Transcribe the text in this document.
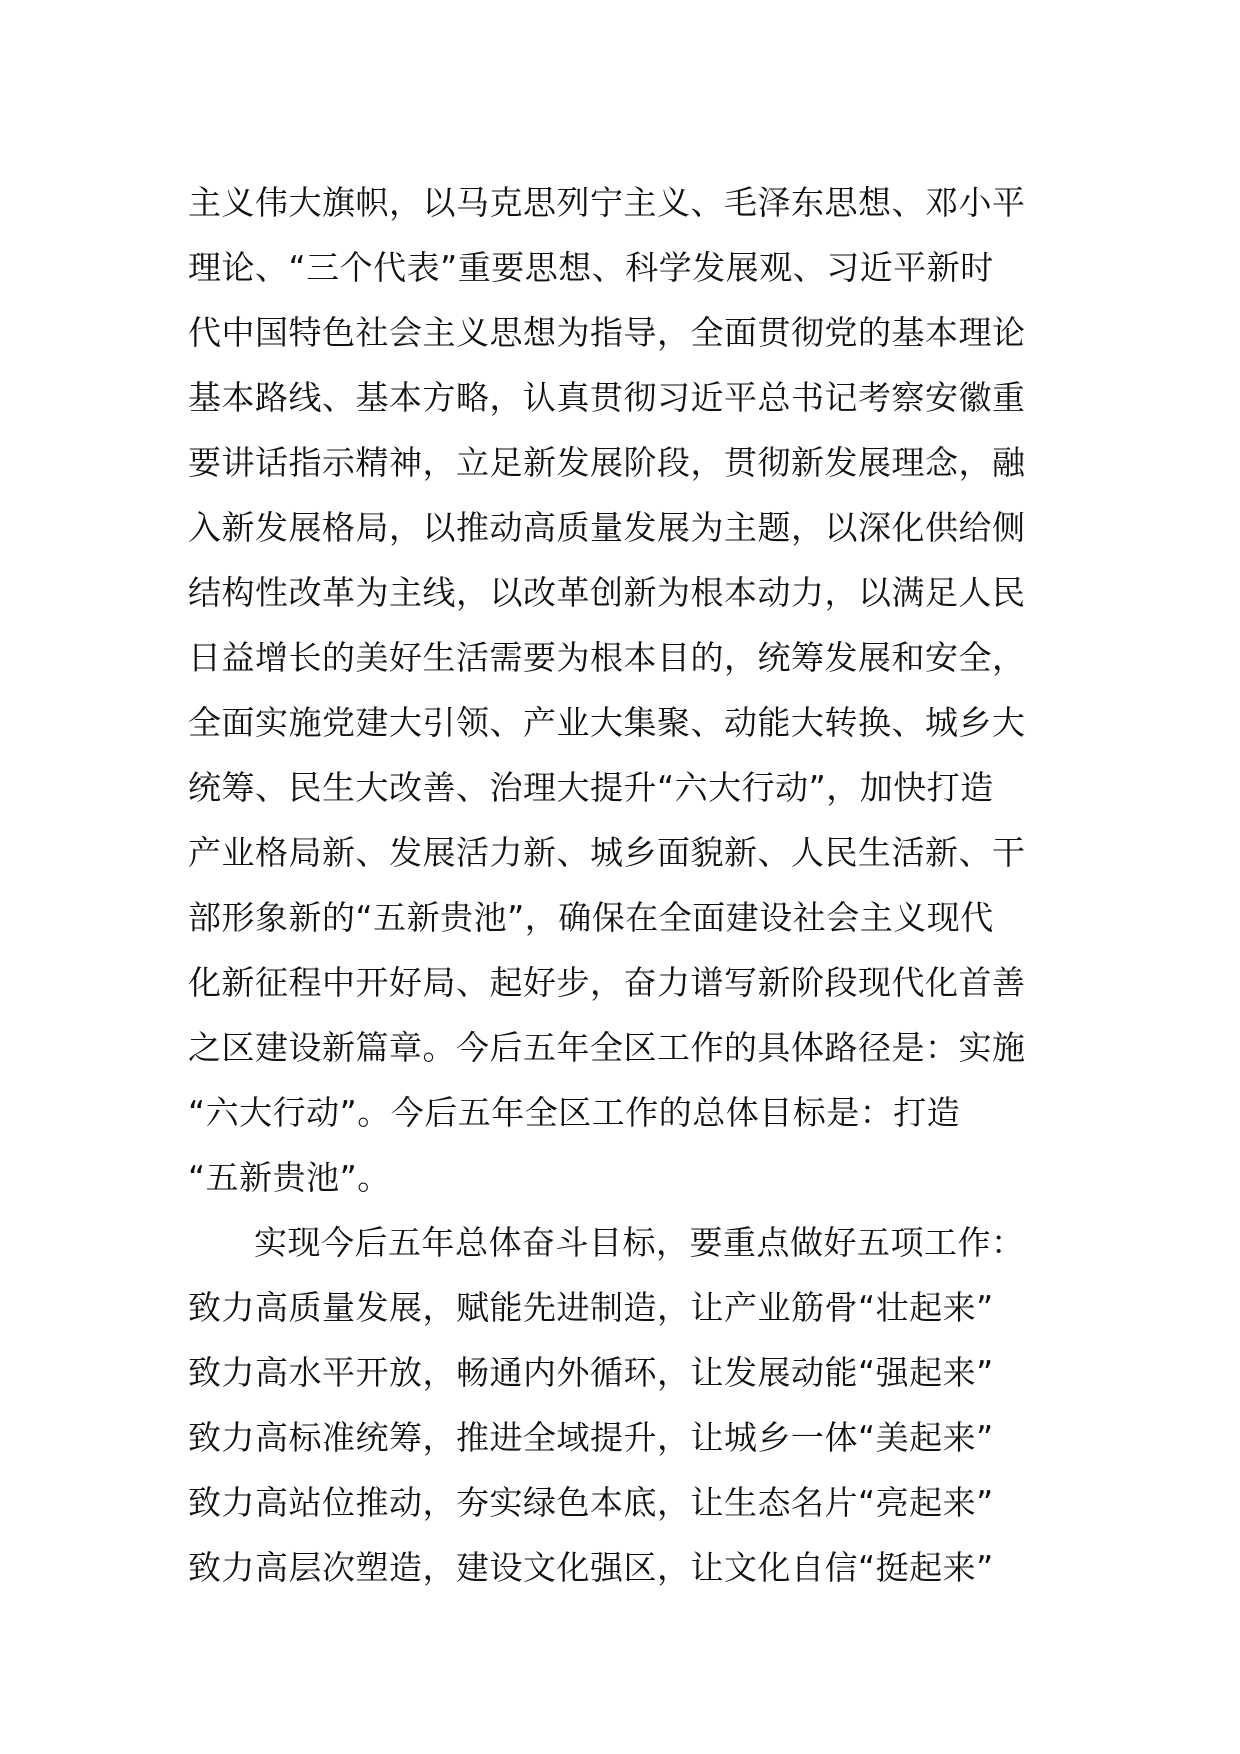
主义伟大旗帜，以马克思列宁主义、毛泽东思想、邓小平
理论、“三个代表”重要思想、科学发展观、习近平新时
代中国特色社会主义思想为指导，全面贯彻党的基本理论
基本路线、基本方略，认真贯彻习近平总书记考察安徽重
要讲话指示精神，立足新发展阶段，贯彻新发展理念，融
入新发展格局，以推动高质量发展为主题，以深化供给侧
结构性改革为主线，以改革创新为根本动力，以满足人民
日益增长的美好生活需要为根本目的，统筹发展和安全，
全面实施党建大引领、产业大集聚、动能大转换、城乡大
统筹、民生大改善、治理大提升“六大行动”，加快打造
产业格局新、发展活力新、城乡面貌新、人民生活新、干
部形象新的“五新贵池”，确保在全面建设社会主义现代
化新征程中开好局、起好步，奋力谱写新阶段现代化首善
之区建设新篇章。今后五年全区工作的具体路径是：实施
“六大行动”。今后五年全区工作的总体目标是：打造
“五新贵池”。
实现今后五年总体奋斗目标，要重点做好五项工作：
致力高质量发展，赋能先进制造，让产业筋骨“壮起来”
致力高水平开放，畅通内外循环，让发展动能“强起来”
致力高标准统筹，推进全域提升，让城乡一体“美起来”
致力高站位推动，夯实绿色本底，让生态名片“亮起来”
致力高层次塑造，建设文化强区，让文化自信“挺起来”
